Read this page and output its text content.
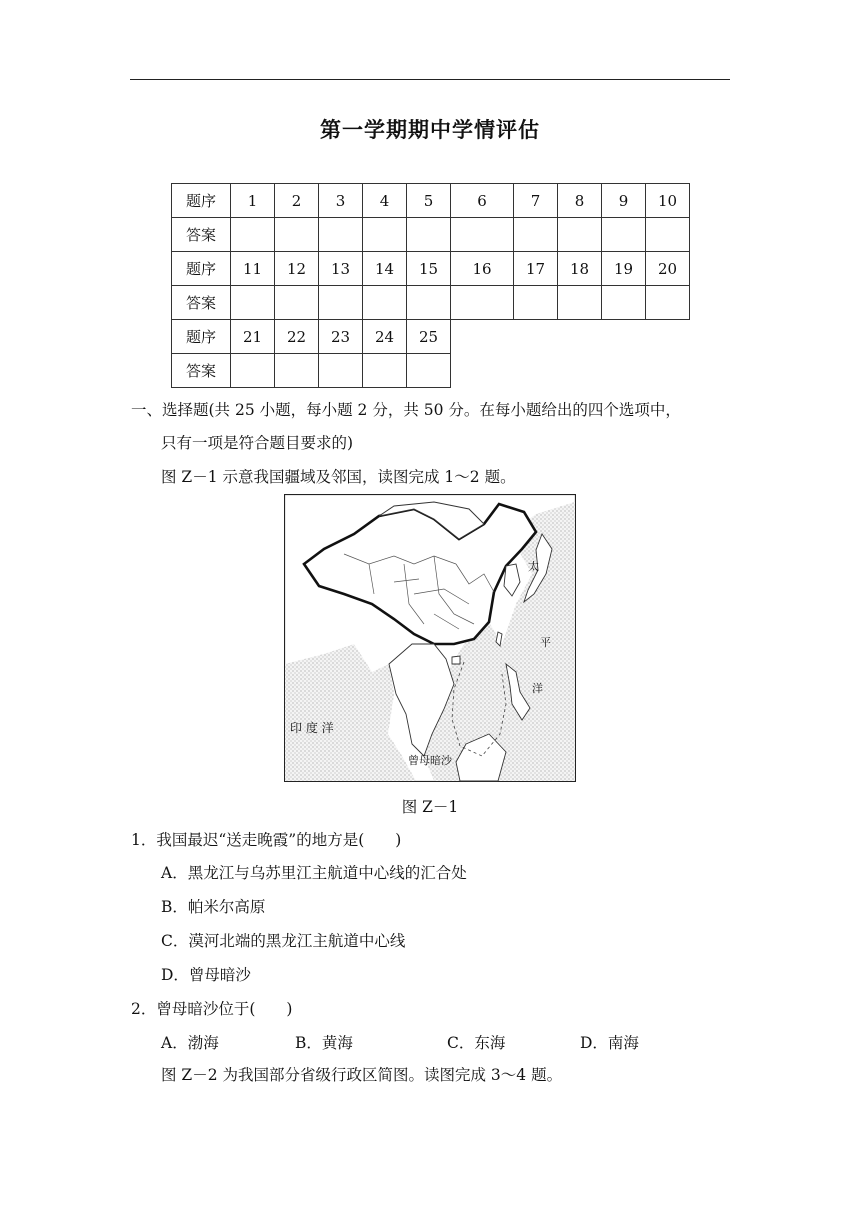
第一学期期中学情评估
题序	1	2	3	4	5	6	7	8	9	10
答案										
题序	11	12	13	14	15	16	17	18	19	20
答案										
题序	21	22	23	24	25					
答案										
一、选择题(共 25 小题，每小题 2 分，共 50 分。在每小题给出的四个选项中，
只有一项是符合题目要求的)
图 Z－1 示意我国疆域及邻国，读图完成 1～2 题。
印 度 洋
曾母暗沙
太
平
洋
图 Z－1
1．我国最迟“送走晚霞”的地方是(　　)
A．黑龙江与乌苏里江主航道中心线的汇合处
B．帕米尔高原
C．漠河北端的黑龙江主航道中心线
D．曾母暗沙
2．曾母暗沙位于(　　)
A．渤海	B．黄海	C．东海	D．南海
图 Z－2 为我国部分省级行政区简图。读图完成 3～4 题。
